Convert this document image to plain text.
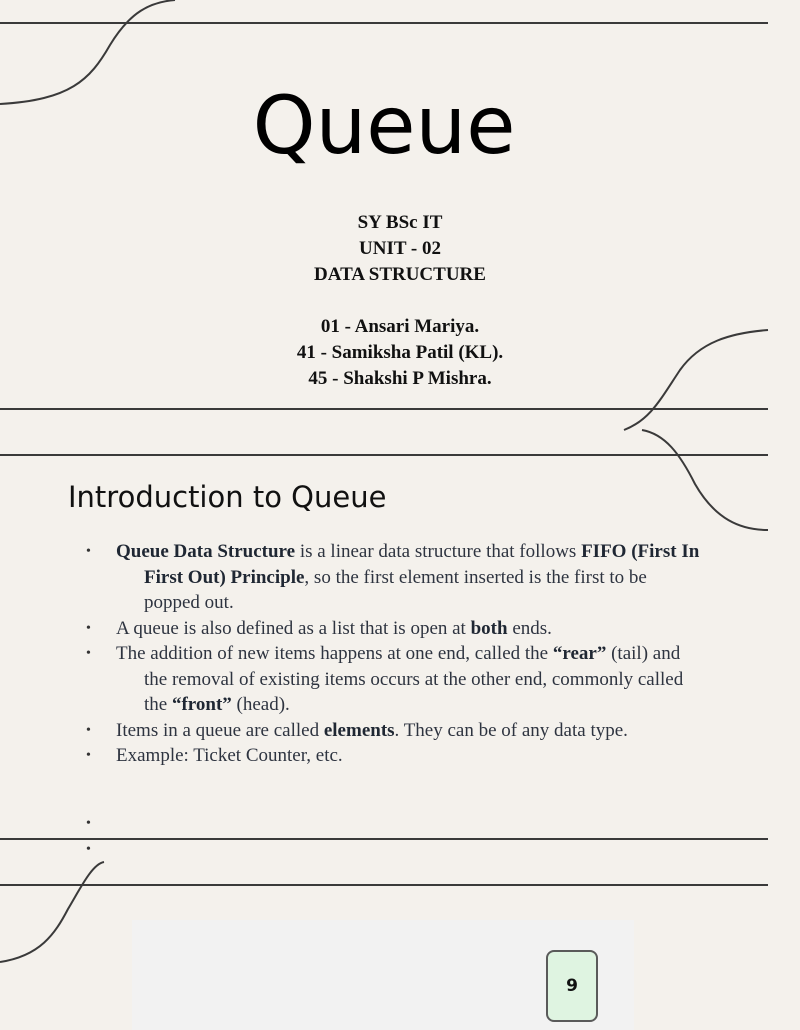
Queue
SY BSc IT
UNIT - 02
DATA STRUCTURE
01 - Ansari Mariya.
41 - Samiksha Patil (KL).
45 - Shakshi P Mishra.
Introduction to Queue
• Queue Data Structure is a linear data structure that follows FIFO (First In First Out) Principle, so the first element inserted is the first to be popped out.
• A queue is also defined as a list that is open at both ends.
• The addition of new items happens at one end, called the “rear” (tail) and the removal of existing items occurs at the other end, commonly called the “front” (head).
• Items in a queue are called elements. They can be of any data type.
• Example: Ticket Counter, etc.
•
•
9
